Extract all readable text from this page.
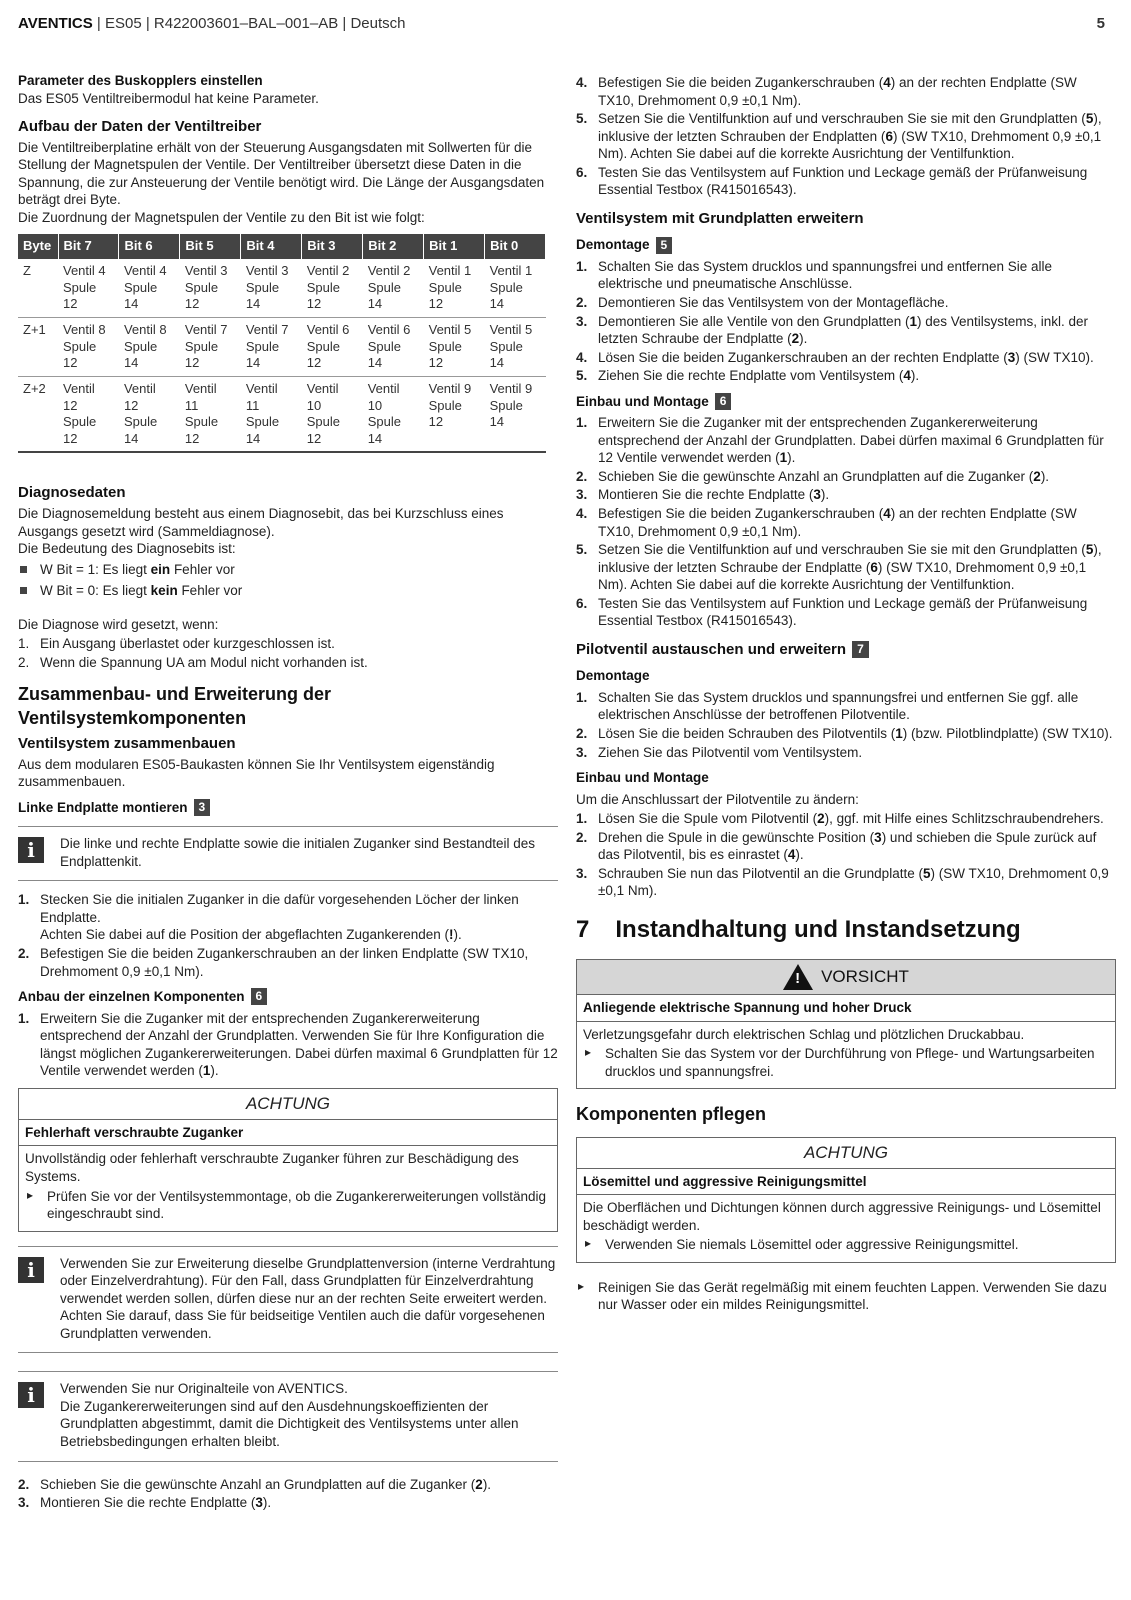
AVENTICS | ES05 | R422003601–BAL–001–AB | Deutsch	5
Parameter des Buskopplers einstellen

Das ES05 Ventiltreibermodul hat keine Parameter.

Aufbau der Daten der Ventiltreiber

Die Ventiltreiberplatine erhält von der Steuerung Ausgangsdaten mit Sollwerten für die Stellung der Magnetspulen der Ventile. Der Ventiltreiber übersetzt diese Daten in die Spannung, die zur Ansteuerung der Ventile benötigt wird. Die Länge der Ausgangsdaten beträgt drei Byte.

Die Zuordnung der Magnetspulen der Ventile zu den Bit ist wie folgt:

Byte	Bit 7	Bit 6	Bit 5	Bit 4	Bit 3	Bit 2	Bit 1	Bit 0
Z	Ventil 4
Spule
12	Ventil 4
Spule
14	Ventil 3
Spule
12	Ventil 3
Spule
14	Ventil 2
Spule
12	Ventil 2
Spule
14	Ventil 1
Spule
12	Ventil 1
Spule
14
Z+1	Ventil 8
Spule
12	Ventil 8
Spule
14	Ventil 7
Spule
12	Ventil 7
Spule
14	Ventil 6
Spule
12	Ventil 6
Spule
14	Ventil 5
Spule
12	Ventil 5
Spule
14
Z+2	Ventil
12
Spule
12	Ventil
12
Spule
14	Ventil
11
Spule
12	Ventil
11
Spule
14	Ventil
10
Spule
12	Ventil
10
Spule
14	Ventil 9
Spule
12	Ventil 9
Spule
14
Diagnosedaten

Die Diagnosemeldung besteht aus einem Diagnosebit, das bei Kurzschluss eines Ausgangs gesetzt wird (Sammeldiagnose).

Die Bedeutung des Diagnosebits ist:

W Bit = 1: Es liegt ein Fehler vor
W Bit = 0: Es liegt kein Fehler vor

Die Diagnose wird gesetzt, wenn:

1. Ein Ausgang überlastet oder kurzgeschlossen ist.
2. Wenn die Spannung UA am Modul nicht vorhanden ist.
Zusammenbau- und Erweiterung der Ventilsystemkomponenten
Ventilsystem zusammenbauen

Aus dem modularen ES05-Baukasten können Sie Ihr Ventilsystem eigenständig zusammenbauen.

Linke Endplatte montieren 3
i	Die linke und rechte Endplatte sowie die initialen Zuganker sind Bestandteil des Endplattenkit.
1. Stecken Sie die initialen Zuganker in die dafür vorgesehenden Löcher der linken Endplatte.
Achten Sie dabei auf die Position der abgeflachten Zugankerenden (!).
2. Befestigen Sie die beiden Zugankerschrauben an der linken Endplatte (SW TX10, Drehmoment 0,9 ±0,1 Nm).
Anbau der einzelnen Komponenten 6
1. Erweitern Sie die Zuganker mit der entsprechenden Zugankererweiterung entsprechend der Anzahl der Grundplatten. Verwenden Sie für Ihre Konfiguration die längst möglichen Zugankererweiterungen. Dabei dürfen maximal 6 Grundplatten für 12 Ventile verwendet werden (1).
ACHTUNG
Fehlerhaft verschraubte Zuganker

Unvollständig oder fehlerhaft verschraubte Zuganker führen zur Beschädigung des Systems.

▸ Prüfen Sie vor der Ventilsystemmontage, ob die Zugankererweiterungen vollständig eingeschraubt sind.
i	Verwenden Sie zur Erweiterung dieselbe Grundplattenversion (interne Verdrahtung oder Einzelverdrahtung). Für den Fall, dass Grundplatten für Einzelverdrahtung verwendet werden sollen, dürfen diese nur an der rechten Seite erweitert werden.

Achten Sie darauf, dass Sie für beidseitige Ventilen auch die dafür vorgesehenen Grundplatten verwenden.

i	Verwenden Sie nur Originalteile von AVENTICS.

Die Zugankererweiterungen sind auf den Ausdehnungskoeffizienten der Grundplatten abgestimmt, damit die Dichtigkeit des Ventilsystems unter allen Betriebsbedingungen erhalten bleibt.

2. Schieben Sie die gewünschte Anzahl an Grundplatten auf die Zuganker (2).
3. Montieren Sie die rechte Endplatte (3).
4. Befestigen Sie die beiden Zugankerschrauben (4) an der rechten Endplatte (SW TX10, Drehmoment 0,9 ±0,1 Nm).
5. Setzen Sie die Ventilfunktion auf und verschrauben Sie sie mit den Grundplatten (5), inklusive der letzten Schrauben der Endplatten (6) (SW TX10, Drehmoment 0,9 ±0,1 Nm). Achten Sie dabei auf die korrekte Ausrichtung der Ventilfunktion.
6. Testen Sie das Ventilsystem auf Funktion und Leckage gemäß der Prüfanweisung Essential Testbox (R415016543).
Ventilsystem mit Grundplatten erweitern
Demontage 5
1. Schalten Sie das System drucklos und spannungsfrei und entfernen Sie alle elektrische und pneumatische Anschlüsse.
2. Demontieren Sie das Ventilsystem von der Montagefläche.
3. Demontieren Sie alle Ventile von den Grundplatten (1) des Ventilsystems, inkl. der letzten Schraube der Endplatte (2).
4. Lösen Sie die beiden Zugankerschrauben an der rechten Endplatte (3) (SW TX10).
5. Ziehen Sie die rechte Endplatte vom Ventilsystem (4).
Einbau und Montage 6
1. Erweitern Sie die Zuganker mit der entsprechenden Zugankererweiterung entsprechend der Anzahl der Grundplatten. Dabei dürfen maximal 6 Grundplatten für 12 Ventile verwendet werden (1).
2. Schieben Sie die gewünschte Anzahl an Grundplatten auf die Zuganker (2).
3. Montieren Sie die rechte Endplatte (3).
4. Befestigen Sie die beiden Zugankerschrauben (4) an der rechten Endplatte (SW TX10, Drehmoment 0,9 ±0,1 Nm).
5. Setzen Sie die Ventilfunktion auf und verschrauben Sie sie mit den Grundplatten (5), inklusive der letzten Schraube der Endplatte (6) (SW TX10, Drehmoment 0,9 ±0,1 Nm). Achten Sie dabei auf die korrekte Ausrichtung der Ventilfunktion.
6. Testen Sie das Ventilsystem auf Funktion und Leckage gemäß der Prüfanweisung Essential Testbox (R415016543).
Pilotventil austauschen und erweitern 7
Demontage
1. Schalten Sie das System drucklos und spannungsfrei und entfernen Sie ggf. alle elektrischen Anschlüsse der betroffenen Pilotventile.
2. Lösen Sie die beiden Schrauben des Pilotventils (1) (bzw. Pilotblindplatte) (SW TX10).
3. Ziehen Sie das Pilotventil vom Ventilsystem.
Einbau und Montage

Um die Anschlussart der Pilotventile zu ändern:

1. Lösen Sie die Spule vom Pilotventil (2), ggf. mit Hilfe eines Schlitzschraubendrehers.
2. Drehen die Spule in die gewünschte Position (3) und schieben die Spule zurück auf das Pilotventil, bis es einrastet (4).
3. Schrauben Sie nun das Pilotventil an die Grundplatte (5) (SW TX10, Drehmoment 0,9 ±0,1 Nm).
7 Instandhaltung und Instandsetzung
! VORSICHT
Anliegende elektrische Spannung und hoher Druck

Verletzungsgefahr durch elektrischen Schlag und plötzlichen Druckabbau.

▸ Schalten Sie das System vor der Durchführung von Pflege- und Wartungsarbeiten drucklos und spannungsfrei.
Komponenten pflegen
ACHTUNG
Lösemittel und aggressive Reinigungsmittel

Die Oberflächen und Dichtungen können durch aggressive Reinigungs- und Lösemittel beschädigt werden.

▸ Verwenden Sie niemals Lösemittel oder aggressive Reinigungsmittel.
▸ Reinigen Sie das Gerät regelmäßig mit einem feuchten Lappen. Verwenden Sie dazu nur Wasser oder ein mildes Reinigungsmittel.
